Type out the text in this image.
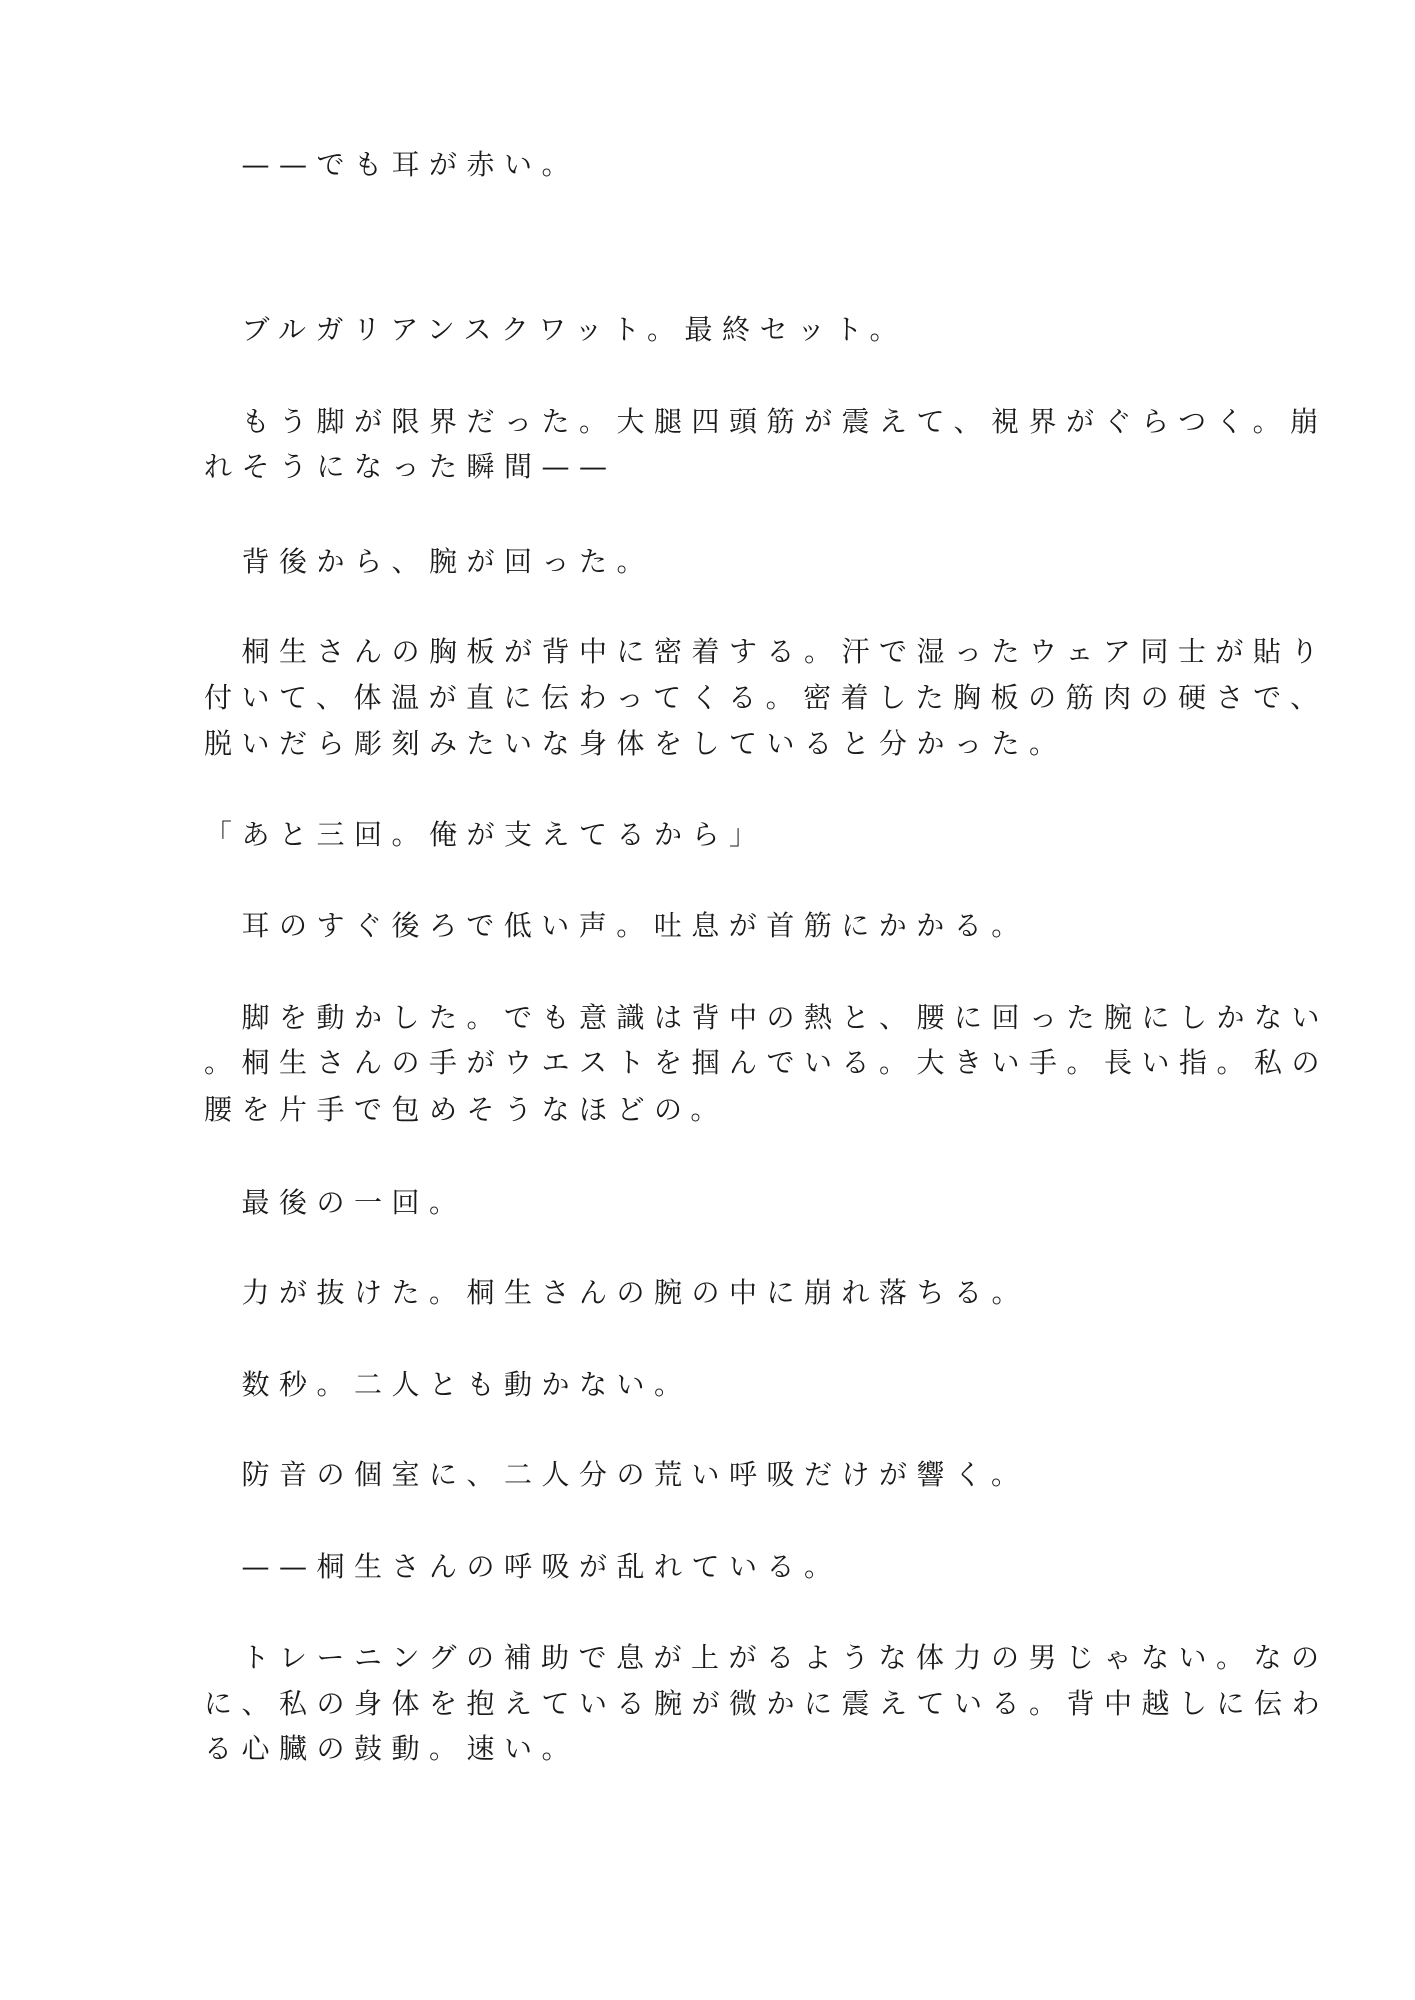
　——でも耳が赤い。

　ブルガリアンスクワット。最終セット。

　もう脚が限界だった。大腿四頭筋が震えて、視界がぐらつく。崩

れそうになった瞬間——

　背後から、腕が回った。

　桐生さんの胸板が背中に密着する。汗で湿ったウェア同士が貼り

付いて、体温が直に伝わってくる。密着した胸板の筋肉の硬さで、

脱いだら彫刻みたいな身体をしていると分かった。

「あと三回。俺が支えてるから」

　耳のすぐ後ろで低い声。吐息が首筋にかかる。

　脚を動かした。でも意識は背中の熱と、腰に回った腕にしかない

。桐生さんの手がウエストを掴んでいる。大きい手。長い指。私の

腰を片手で包めそうなほどの。

　最後の一回。

　力が抜けた。桐生さんの腕の中に崩れ落ちる。

　数秒。二人とも動かない。

　防音の個室に、二人分の荒い呼吸だけが響く。

　——桐生さんの呼吸が乱れている。

　トレーニングの補助で息が上がるような体力の男じゃない。なの

に、私の身体を抱えている腕が微かに震えている。背中越しに伝わ

る心臓の鼓動。速い。
